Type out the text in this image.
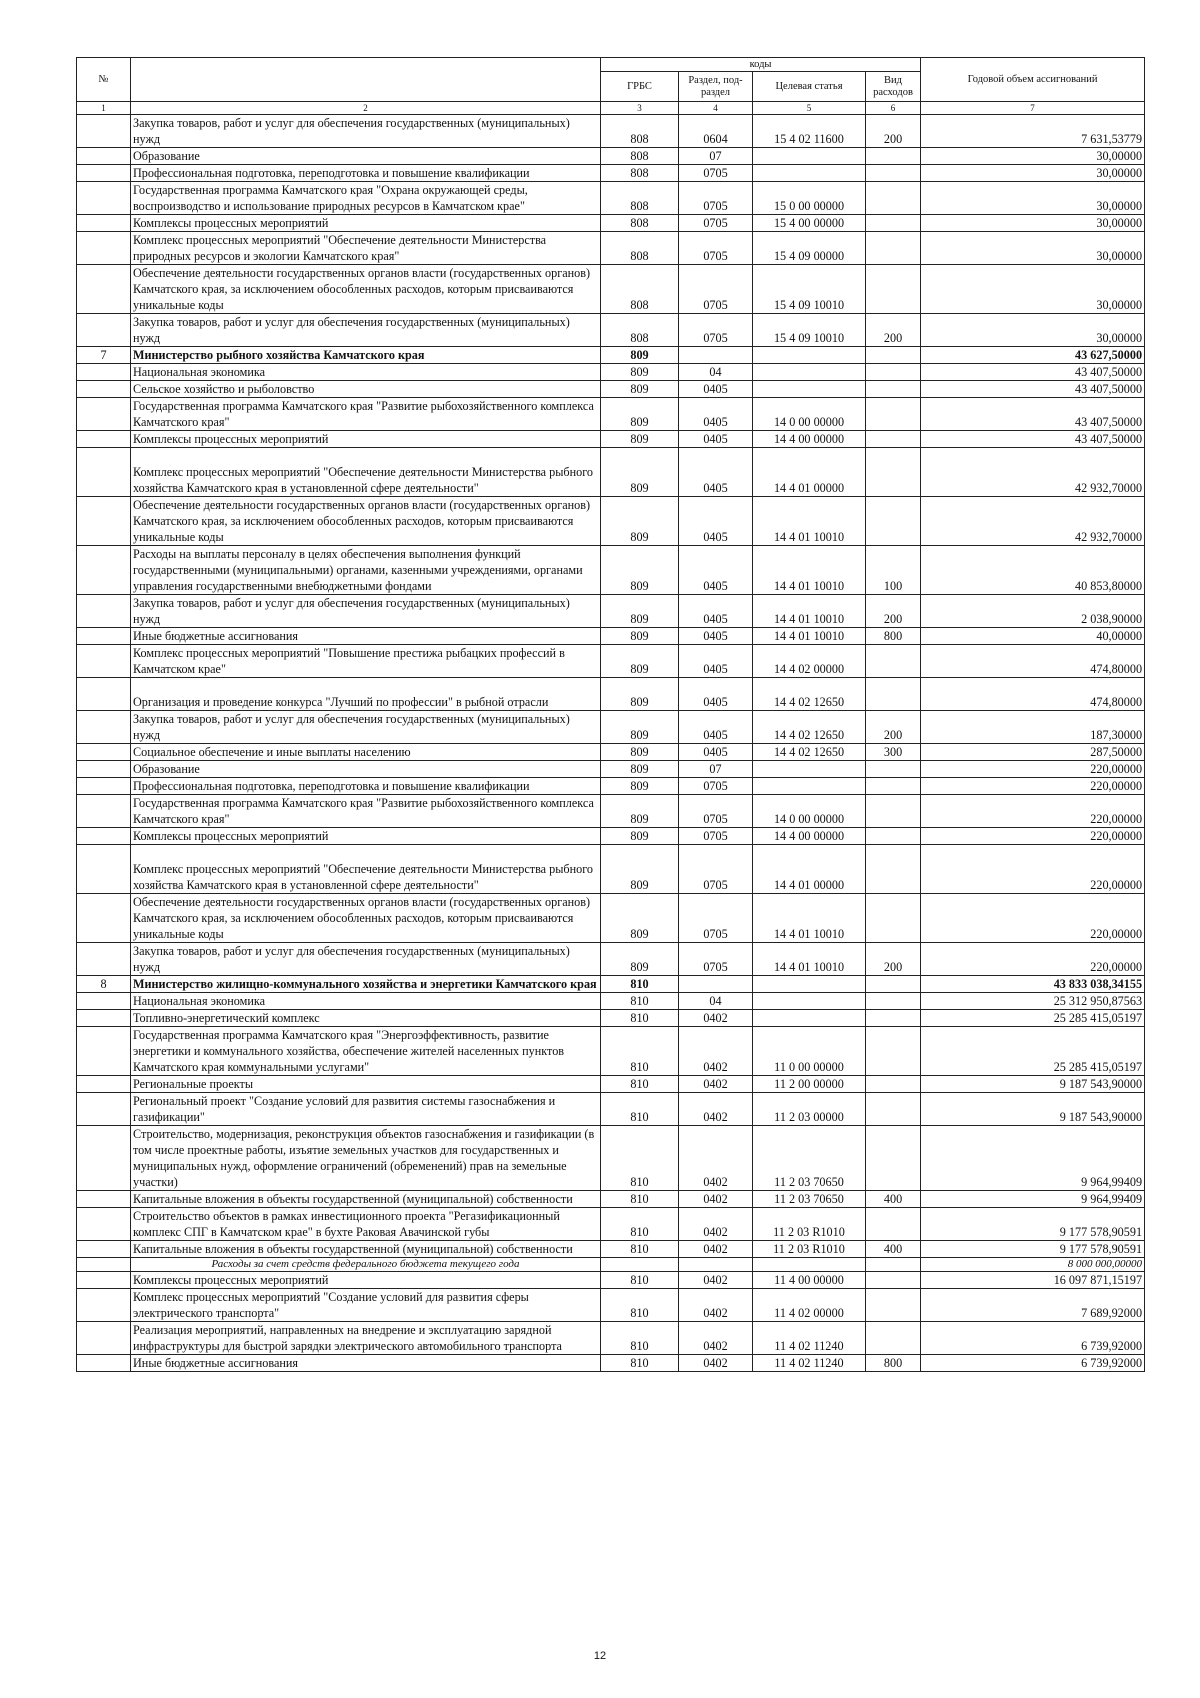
№		коды				Годовой объем ассигнований
		ГРБС	Раздел, под-раздел	Целевая статья	Вид расходов	
1	2	3	4	5	6	7
	Закупка товаров, работ и услуг для обеспечения государственных (муниципальных) нужд	808	0604	15 4 02 11600	200	7 631,53779
	Образование	808	07			30,00000
	Профессиональная подготовка, переподготовка и повышение квалификации	808	0705			30,00000
	Государственная программа Камчатского края "Охрана окружающей среды, воспроизводство и использование природных ресурсов в Камчатском крае"	808	0705	15 0 00 00000		30,00000
	Комплексы процессных мероприятий	808	0705	15 4 00 00000		30,00000
	Комплекс процессных мероприятий "Обеспечение деятельности Министерства природных ресурсов и экологии Камчатского края"	808	0705	15 4 09 00000		30,00000
	Обеспечение деятельности государственных органов власти (государственных органов) Камчатского края, за исключением обособленных расходов, которым присваиваются уникальные коды	808	0705	15 4 09 10010		30,00000
	Закупка товаров, работ и услуг для обеспечения государственных (муниципальных) нужд	808	0705	15 4 09 10010	200	30,00000
7	Министерство рыбного хозяйства Камчатского края	809				43 627,50000
	Национальная экономика	809	04			43 407,50000
	Сельское хозяйство и рыболовство	809	0405			43 407,50000
	Государственная программа Камчатского края "Развитие рыбохозяйственного комплекса Камчатского края"	809	0405	14 0 00 00000		43 407,50000
	Комплексы процессных мероприятий	809	0405	14 4 00 00000		43 407,50000
	Комплекс процессных мероприятий "Обеспечение деятельности Министерства рыбного хозяйства Камчатского края в установленной сфере деятельности"	809	0405	14 4 01 00000		42 932,70000
	Обеспечение деятельности государственных органов власти (государственных органов) Камчатского края, за исключением обособленных расходов, которым присваиваются уникальные коды	809	0405	14 4 01 10010		42 932,70000
	Расходы на выплаты персоналу в целях обеспечения выполнения функций государственными (муниципальными) органами, казенными учреждениями, органами управления государственными внебюджетными фондами	809	0405	14 4 01 10010	100	40 853,80000
	Закупка товаров, работ и услуг для обеспечения государственных (муниципальных) нужд	809	0405	14 4 01 10010	200	2 038,90000
	Иные бюджетные ассигнования	809	0405	14 4 01 10010	800	40,00000
	Комплекс процессных мероприятий "Повышение престижа рыбацких профессий в Камчатском крае"	809	0405	14 4 02 00000		474,80000
	Организация и проведение конкурса "Лучший по профессии" в рыбной отрасли	809	0405	14 4 02 12650		474,80000
	Закупка товаров, работ и услуг для обеспечения государственных (муниципальных) нужд	809	0405	14 4 02 12650	200	187,30000
	Социальное обеспечение и иные выплаты населению	809	0405	14 4 02 12650	300	287,50000
	Образование	809	07			220,00000
	Профессиональная подготовка, переподготовка и повышение квалификации	809	0705			220,00000
	Государственная программа Камчатского края "Развитие рыбохозяйственного комплекса Камчатского края"	809	0705	14 0 00 00000		220,00000
	Комплексы процессных мероприятий	809	0705	14 4 00 00000		220,00000
	Комплекс процессных мероприятий "Обеспечение деятельности Министерства рыбного хозяйства Камчатского края в установленной сфере деятельности"	809	0705	14 4 01 00000		220,00000
	Обеспечение деятельности государственных органов власти (государственных органов) Камчатского края, за исключением обособленных расходов, которым присваиваются уникальные коды	809	0705	14 4 01 10010		220,00000
	Закупка товаров, работ и услуг для обеспечения государственных (муниципальных) нужд	809	0705	14 4 01 10010	200	220,00000
8	Министерство жилищно-коммунального хозяйства и энергетики Камчатского края	810				43 833 038,34155
	Национальная экономика	810	04			25 312 950,87563
	Топливно-энергетический комплекс	810	0402			25 285 415,05197
	Государственная программа Камчатского края "Энергоэффективность, развитие энергетики и коммунального хозяйства, обеспечение жителей населенных пунктов Камчатского края коммунальными услугами"	810	0402	11 0 00 00000		25 285 415,05197
	Региональные проекты	810	0402	11 2 00 00000		9 187 543,90000
	Региональный проект "Создание условий для развития системы газоснабжения и газификации"	810	0402	11 2 03 00000		9 187 543,90000
	Строительство, модернизация, реконструкция объектов газоснабжения и газификации (в том числе проектные работы, изъятие земельных участков для государственных и муниципальных нужд, оформление ограничений (обременений) прав на земельные участки)	810	0402	11 2 03 70650		9 964,99409
	Капитальные вложения в объекты государственной (муниципальной) собственности	810	0402	11 2 03 70650	400	9 964,99409
	Строительство объектов в рамках инвестиционного проекта "Регазификационный комплекс СПГ в Камчатском крае" в бухте Раковая Авачинской губы	810	0402	11 2 03 R1010		9 177 578,90591
	Капитальные вложения в объекты государственной (муниципальной) собственности	810	0402	11 2 03 R1010	400	9 177 578,90591
	Расходы за счет средств федерального бюджета текущего года					8 000 000,00000
	Комплексы процессных мероприятий	810	0402	11 4 00 00000		16 097 871,15197
	Комплекс процессных мероприятий "Создание условий для развития сферы электрического транспорта"	810	0402	11 4 02 00000		7 689,92000
	Реализация мероприятий, направленных на внедрение и эксплуатацию зарядной инфраструктуры для быстрой зарядки электрического автомобильного транспорта	810	0402	11 4 02 11240		6 739,92000
	Иные бюджетные ассигнования	810	0402	11 4 02 11240	800	6 739,92000
12
